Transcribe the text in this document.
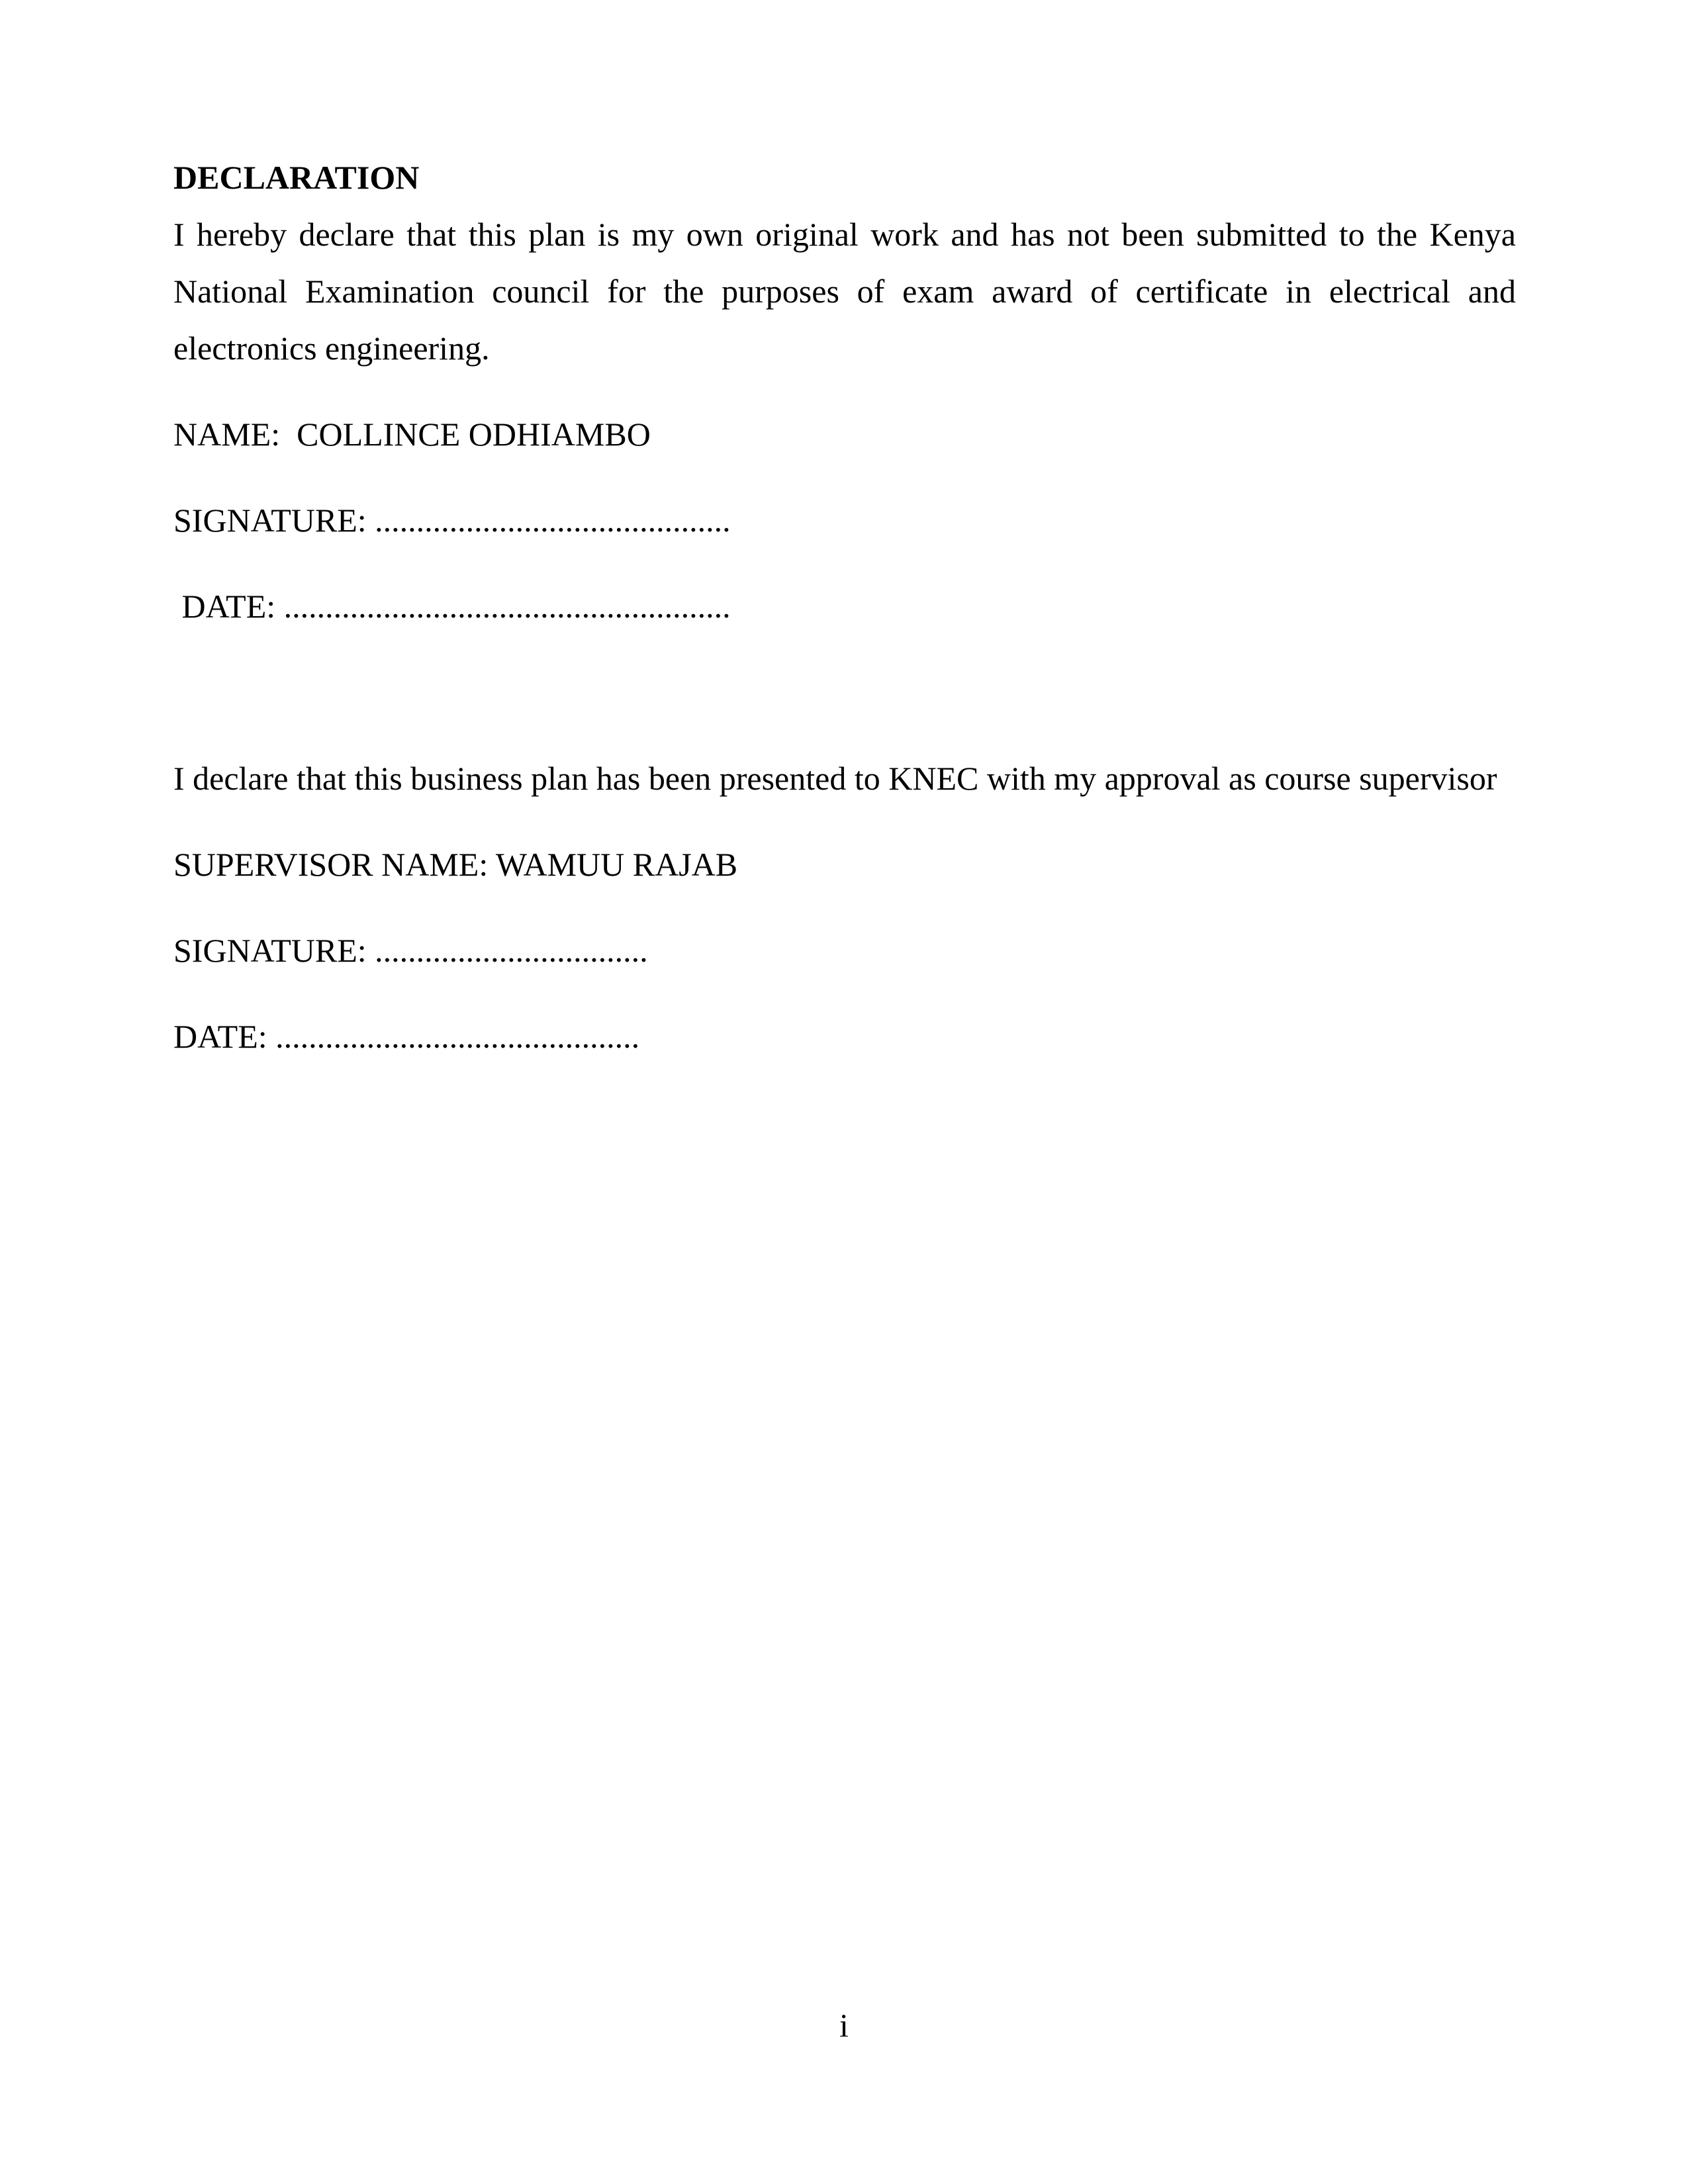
DECLARATION
I hereby declare that this plan is my own original work and has not been submitted to the Kenya
National Examination council for the purposes of exam award of certificate in electrical and
electronics engineering.
NAME:  COLLINCE ODHIAMBO
SIGNATURE: ...........................................
DATE: ......................................................
I declare that this business plan has been presented to KNEC with my approval as course supervisor
SUPERVISOR NAME: WAMUU RAJAB
SIGNATURE: .................................
DATE: ............................................
i
